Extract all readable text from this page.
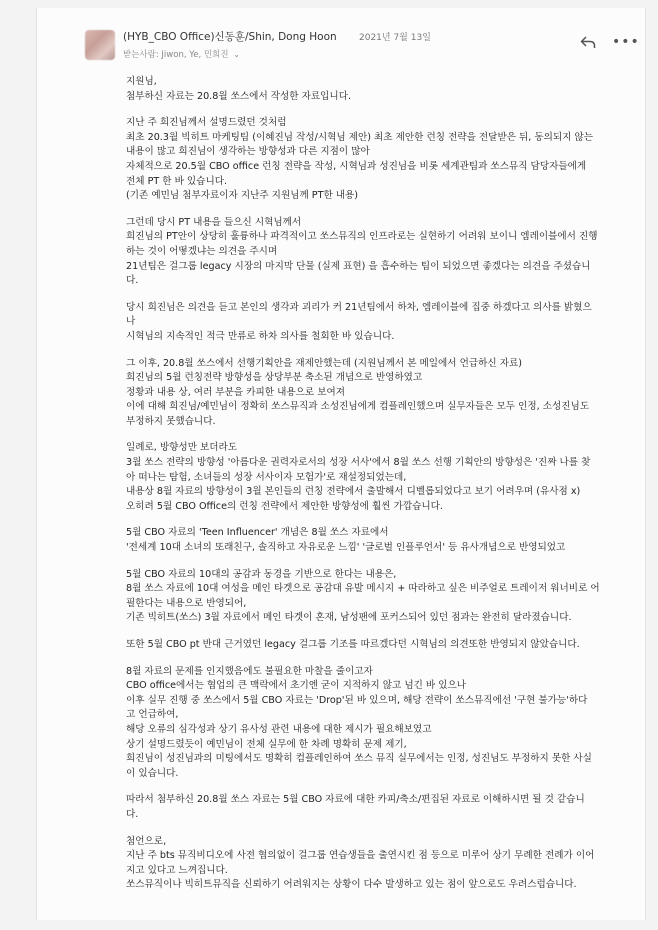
(HYB_CBO Office)신동훈/Shin, Dong Hoon 2021년 7월 13일
받는사람: Jiwon, Ye, 민희진 ⌄
•••

지원님,

첨부하신 자료는 20.8월 쏘스에서 작성한 자료입니다.

지난 주 희진님께서 설명드렸던 것처럼

최초 20.3월 빅히트 마케팅팀 (이혜진님 작성/시혁님 제안) 최초 제안한 런칭 전략을 전달받은 뒤, 동의되지 않는

내용이 많고 희진님이 생각하는 방향성과 다른 지점이 많아

자체적으로 20.5월 CBO office 런칭 전략을 작성, 시혁님과 성진님을 비롯 세계관팀과 쏘스뮤직 담당자들에게

전체 PT 한 바 있습니다.

(기존 예민님 첨부자료이자 지난주 지원님께 PT한 내용)

그런데 당시 PT 내용을 들으신 시혁님께서

희진님의 PT안이 상당히 훌륭하나 파격적이고 쏘스뮤직의 인프라로는 실현하기 어려워 보이니 엠레이블에서 진행

하는 것이 어떻겠냐는 의견을 주시며

21년팀은 걸그룹 legacy 시장의 마지막 단물 (실제 표현) 을 흡수하는 팀이 되었으면 좋겠다는 의견을 주셨습니

다.

당시 희진님은 의견을 듣고 본인의 생각과 괴리가 커 21년팀에서 하차, 엠레이블에 집중 하겠다고 의사를 밝혔으

나

시혁님의 지속적인 적극 만류로 하차 의사를 철회한 바 있습니다.

그 이후, 20.8월 쏘스에서 선행기획안을 재제안했는데 (지원님께서 본 메일에서 언급하신 자료)

희진님의 5월 런칭전략 방향성을 상당부분 축소된 개념으로 반영하였고

정황과 내용 상, 여러 부분을 카피한 내용으로 보여져

이에 대해 희진님/예민님이 정확히 쏘스뮤직과 소성진님에게 컴플레인했으며 실무자들은 모두 인정, 소성진님도

부정하지 못했습니다.

일례로, 방향성만 보더라도

3월 쏘스 전략의 방향성 '아름다운 권력자로서의 성장 서사'에서 8월 쏘스 선행 기획안의 방향성은 '진짜 나를 찾

아 떠나는 탐험, 소녀들의 성장 서사이자 모험가'로 재설정되었는데,

내용상 8월 자료의 방향성이 3월 본인들의 런칭 전략에서 출발해서 디벨롭되었다고 보기 어려우며 (유사점 x)

오히려 5월 CBO Office의 런칭 전략에서 제안한 방향성에 훨씬 가깝습니다.

5월 CBO 자료의 'Teen Influencer' 개념은 8월 쏘스 자료에서

'전세계 10대 소녀의 또래친구, 솔직하고 자유로운 느낌' '글로벌 인플루언서' 등 유사개념으로 반영되었고

5월 CBO 자료의 10대의 공감과 동경을 기반으로 한다는 내용은,

8월 쏘스 자료에 10대 여성을 메인 타겟으로 공감대 유발 메시지 + 따라하고 싶은 비주얼로 트레이저 워너비로 어

필한다는 내용으로 반영되어,

기존 빅히트(쏘스) 3월 자료에서 메인 타겟이 혼재, 남성팬에 포커스되어 있던 점과는 완전히 달라졌습니다.

또한 5월 CBO pt 반대 근거였던 legacy 걸그룹 기조를 따르겠다던 시혁님의 의견또한 반영되지 않았습니다.

8월 자료의 문제를 인지했음에도 불필요한 마찰을 줄이고자

CBO office에서는 협업의 큰 맥락에서 초기엔 굳이 지적하지 않고 넘긴 바 있으나

이후 실무 진행 중 쏘스에서 5월 CBO 자료는 'Drop'된 바 있으며, 해당 전략이 쏘스뮤직에선 '구현 불가능'하다

고 언급하여,

해당 오류의 심각성과 상기 유사성 관련 내용에 대한 제시가 필요해보였고

상기 설명드렸듯이 예민님이 전체 실무에 한 차례 명확히 문제 제기,

희진님이 성진님과의 미팅에서도 명확히 컴플레인하여 쏘스 뮤직 실무에서는 인정, 성진님도 부정하지 못한 사실

이 있습니다.

따라서 첨부하신 20.8월 쏘스 자료는 5월 CBO 자료에 대한 카피/축소/편집된 자료로 이해하시면 될 것 같습니

다.

첨언으로,

지난 주 bts 뮤직비디오에 사전 협의없이 걸그룹 연습생들을 출연시킨 점 등으로 미루어 상기 무례한 전례가 이어

지고 있다고 느껴집니다.

쏘스뮤직이나 빅히트뮤직을 신뢰하기 어려워지는 상황이 다수 발생하고 있는 점이 앞으로도 우려스럽습니다.
